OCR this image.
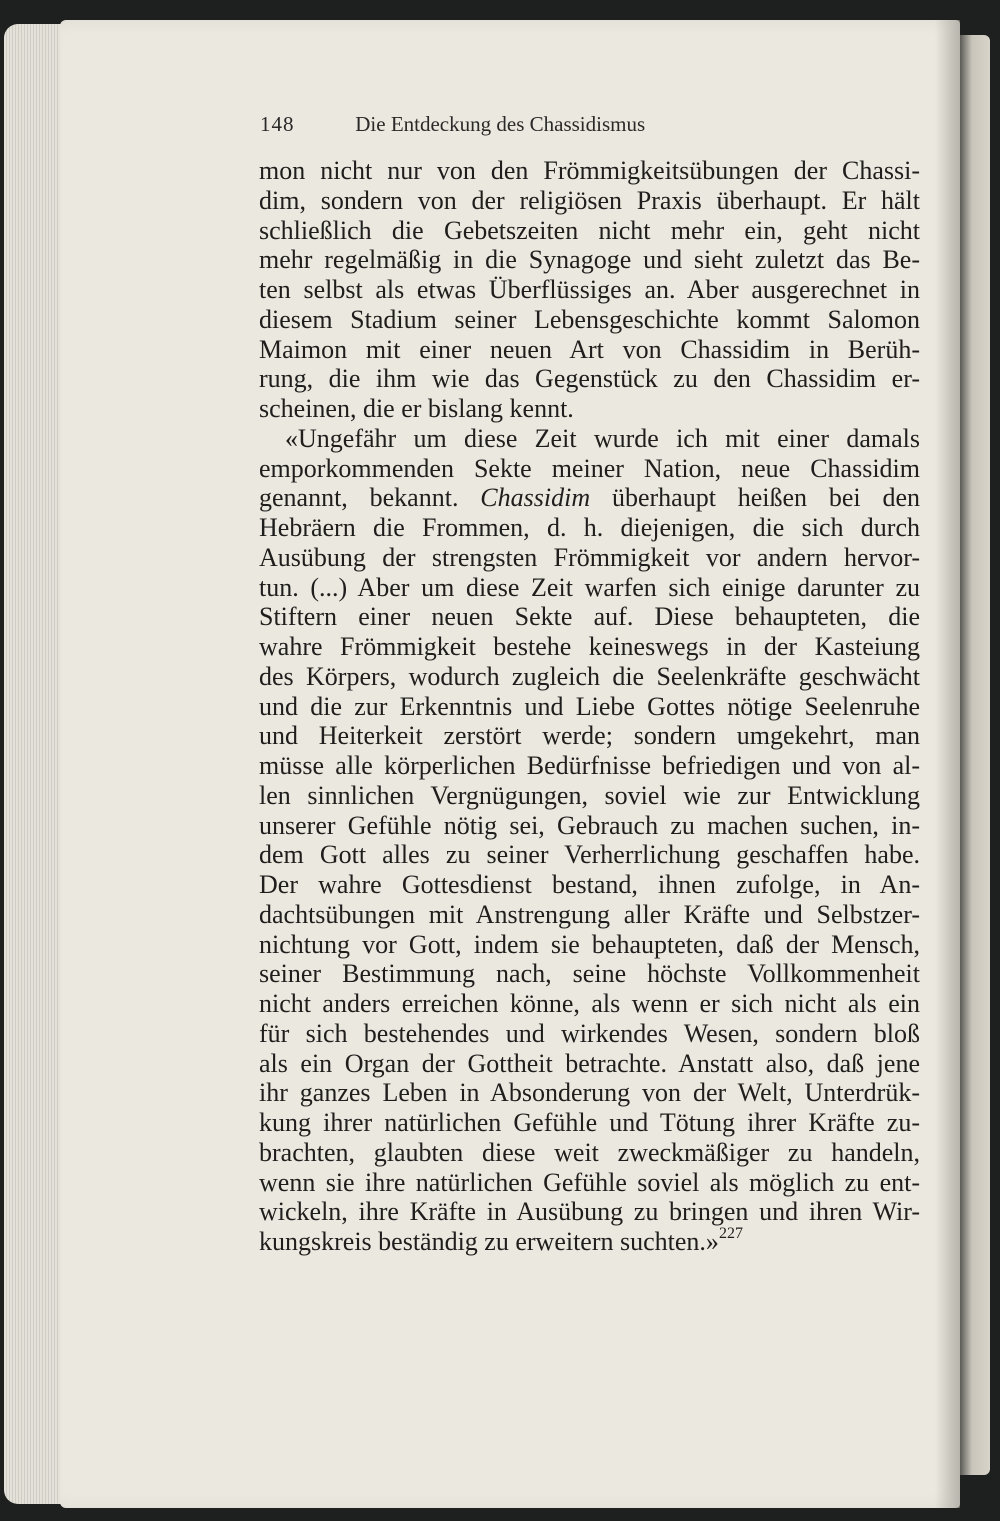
148	Die Entdeckung des Chassidismus
mon nicht nur von den Frömmigkeitsübungen der Chassi-
dim, sondern von der religiösen Praxis überhaupt. Er hält
schließlich die Gebetszeiten nicht mehr ein, geht nicht
mehr regelmäßig in die Synagoge und sieht zuletzt das Be-
ten selbst als etwas Überflüssiges an. Aber ausgerechnet in
diesem Stadium seiner Lebensgeschichte kommt Salomon
Maimon mit einer neuen Art von Chassidim in Berüh-
rung, die ihm wie das Gegenstück zu den Chassidim er-
scheinen, die er bislang kennt.
«Ungefähr um diese Zeit wurde ich mit einer damals
emporkommenden Sekte meiner Nation, neue Chassidim
genannt, bekannt. Chassidim überhaupt heißen bei den
Hebräern die Frommen, d. h. diejenigen, die sich durch
Ausübung der strengsten Frömmigkeit vor andern hervor-
tun. (...) Aber um diese Zeit warfen sich einige darunter zu
Stiftern einer neuen Sekte auf. Diese behaupteten, die
wahre Frömmigkeit bestehe keineswegs in der Kasteiung
des Körpers, wodurch zugleich die Seelenkräfte geschwächt
und die zur Erkenntnis und Liebe Gottes nötige Seelenruhe
und Heiterkeit zerstört werde; sondern umgekehrt, man
müsse alle körperlichen Bedürfnisse befriedigen und von al-
len sinnlichen Vergnügungen, soviel wie zur Entwicklung
unserer Gefühle nötig sei, Gebrauch zu machen suchen, in-
dem Gott alles zu seiner Verherrlichung geschaffen habe.
Der wahre Gottesdienst bestand, ihnen zufolge, in An-
dachtsübungen mit Anstrengung aller Kräfte und Selbstzer-
nichtung vor Gott, indem sie behaupteten, daß der Mensch,
seiner Bestimmung nach, seine höchste Vollkommenheit
nicht anders erreichen könne, als wenn er sich nicht als ein
für sich bestehendes und wirkendes Wesen, sondern bloß
als ein Organ der Gottheit betrachte. Anstatt also, daß jene
ihr ganzes Leben in Absonderung von der Welt, Unterdrük-
kung ihrer natürlichen Gefühle und Tötung ihrer Kräfte zu-
brachten, glaubten diese weit zweckmäßiger zu handeln,
wenn sie ihre natürlichen Gefühle soviel als möglich zu ent-
wickeln, ihre Kräfte in Ausübung zu bringen und ihren Wir-
kungskreis beständig zu erweitern suchten.»$^{227}$
